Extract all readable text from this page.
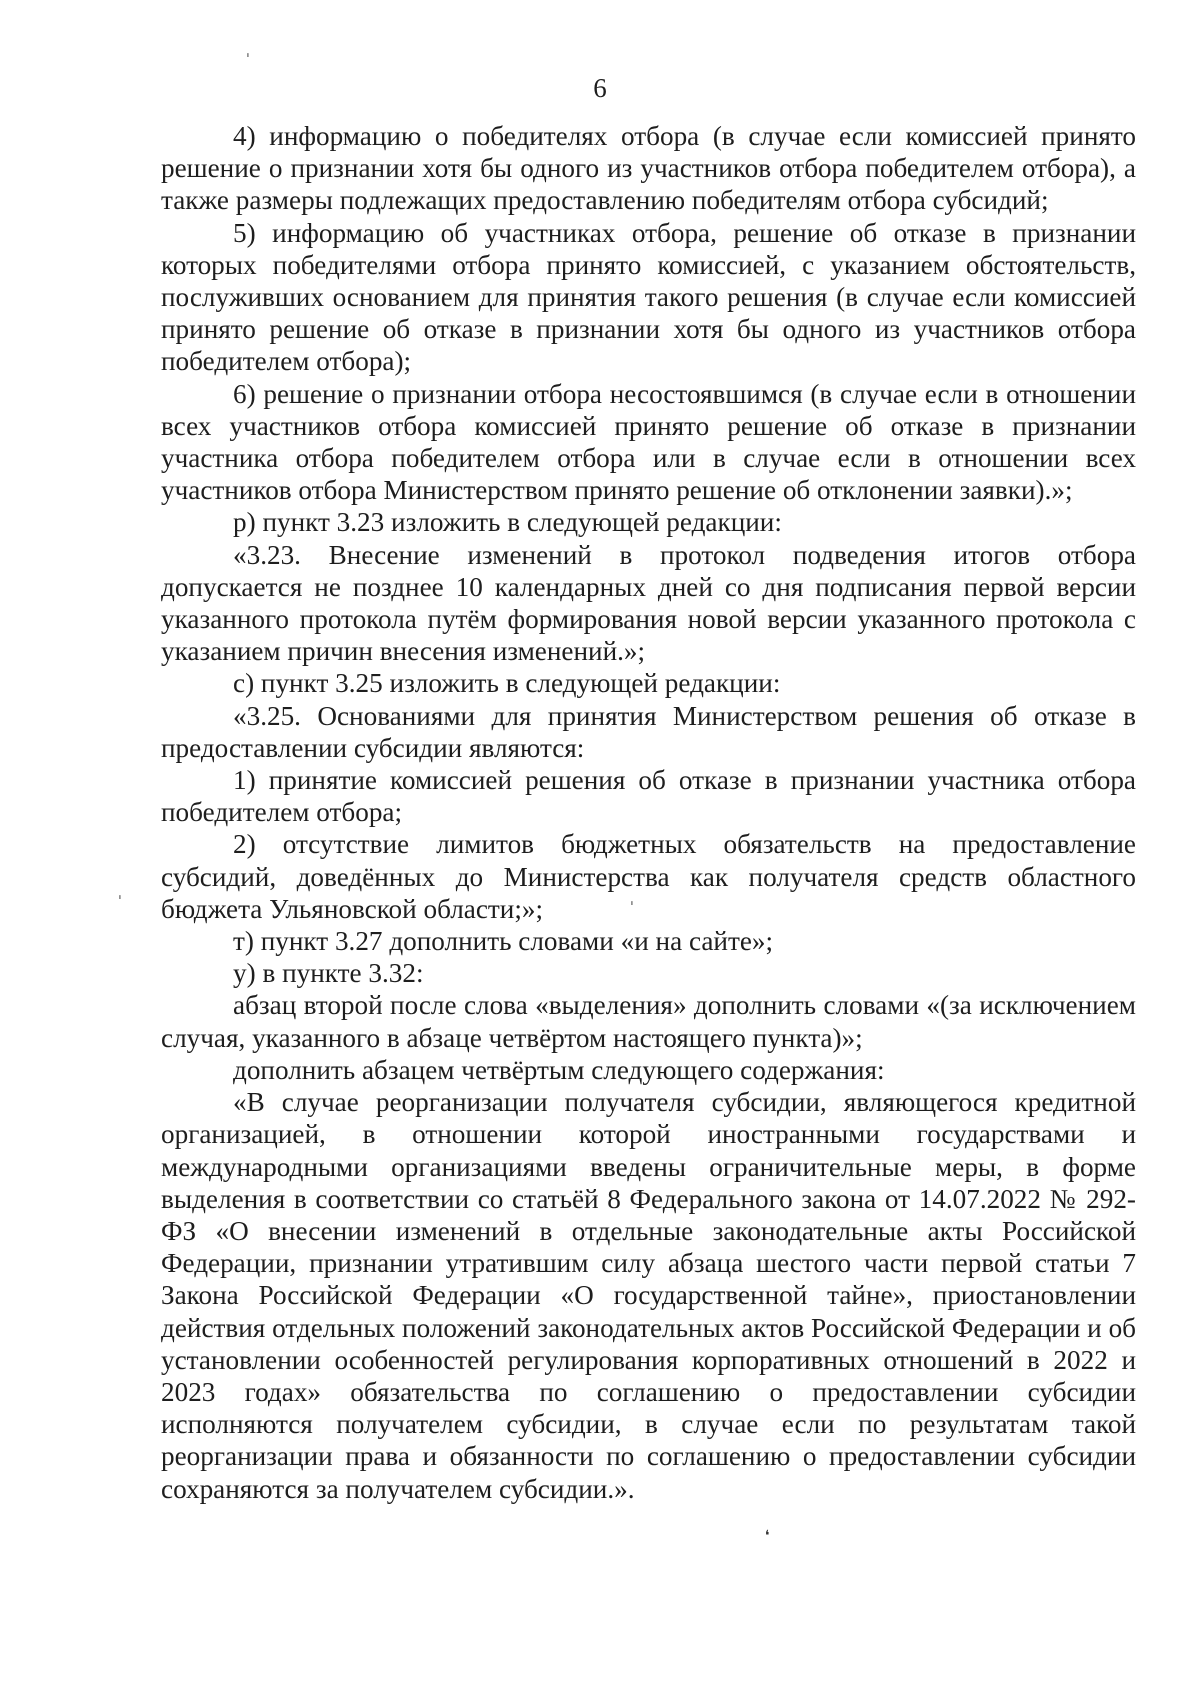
ˈ
ˈ	ˈ
❛
6

4) информацию о победителях отбора (в случае если комиссией принято решение о признании хотя бы одного из участников отбора победителем отбора), а также размеры подлежащих предоставлению победителям отбора субсидий;

5) информацию об участниках отбора, решение об отказе в признании которых победителями отбора принято комиссией, с указанием обстоятельств, послуживших основанием для принятия такого решения (в случае если комиссией принято решение об отказе в признании хотя бы одного из участников отбора победителем отбора);

6) решение о признании отбора несостоявшимся (в случае если в отношении всех участников отбора комиссией принято решение об отказе в признании участника отбора победителем отбора или в случае если в отношении всех участников отбора Министерством принято решение об отклонении заявки).»;

р) пункт 3.23 изложить в следующей редакции:

«3.23. Внесение изменений в протокол подведения итогов отбора допускается не позднее 10 календарных дней со дня подписания первой версии указанного протокола путём формирования новой версии указанного протокола с указанием причин внесения изменений.»;

с) пункт 3.25 изложить в следующей редакции:

«3.25. Основаниями для принятия Министерством решения об отказе в предоставлении субсидии являются:

1) принятие комиссией решения об отказе в признании участника отбора победителем отбора;

2) отсутствие лимитов бюджетных обязательств на предоставление субсидий, доведённых до Министерства как получателя средств областного бюджета Ульяновской области;»;

т) пункт 3.27 дополнить словами «и на сайте»;

у) в пункте 3.32:

абзац второй после слова «выделения» дополнить словами «(за исключением случая, указанного в абзаце четвёртом настоящего пункта)»;

дополнить абзацем четвёртым следующего содержания:

«В случае реорганизации получателя субсидии, являющегося кредитной организацией, в отношении которой иностранными государствами и международными организациями введены ограничительные меры, в форме выделения в соответствии со статьёй 8 Федерального закона от 14.07.2022 № 292-ФЗ «О внесении изменений в отдельные законодательные акты Российской Федерации, признании утратившим силу абзаца шестого части первой статьи 7 Закона Российской Федерации «О государственной тайне», приостановлении действия отдельных положений законодательных актов Российской Федерации и об установлении особенностей регулирования корпоративных отношений в 2022 и 2023 годах» обязательства по соглашению о предоставлении субсидии исполняются получателем субсидии, в случае если по результатам такой реорганизации права и обязанности по соглашению о предоставлении субсидии сохраняются за получателем субсидии.».
